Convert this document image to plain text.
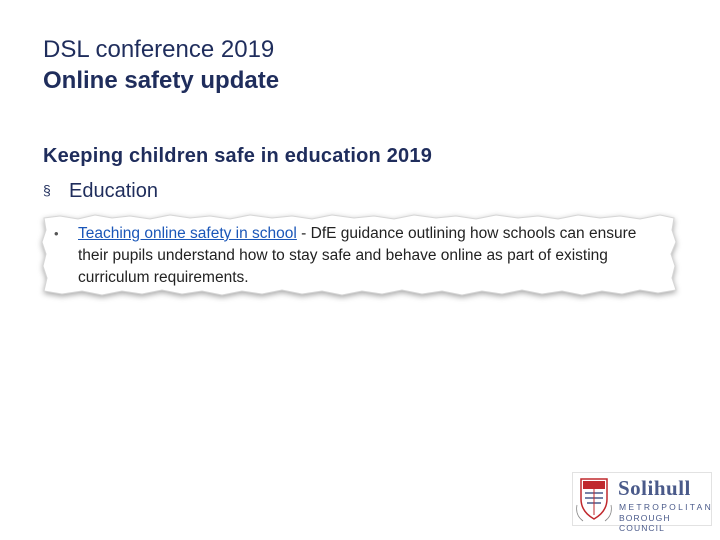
DSL conference 2019
Online safety update
Keeping children safe in education 2019
§ Education
• Teaching online safety in school - DfE guidance outlining how schools can ensure their pupils understand how to stay safe and behave online as part of existing curriculum requirements.
Solihull
METROPOLITAN
BOROUGH COUNCIL
